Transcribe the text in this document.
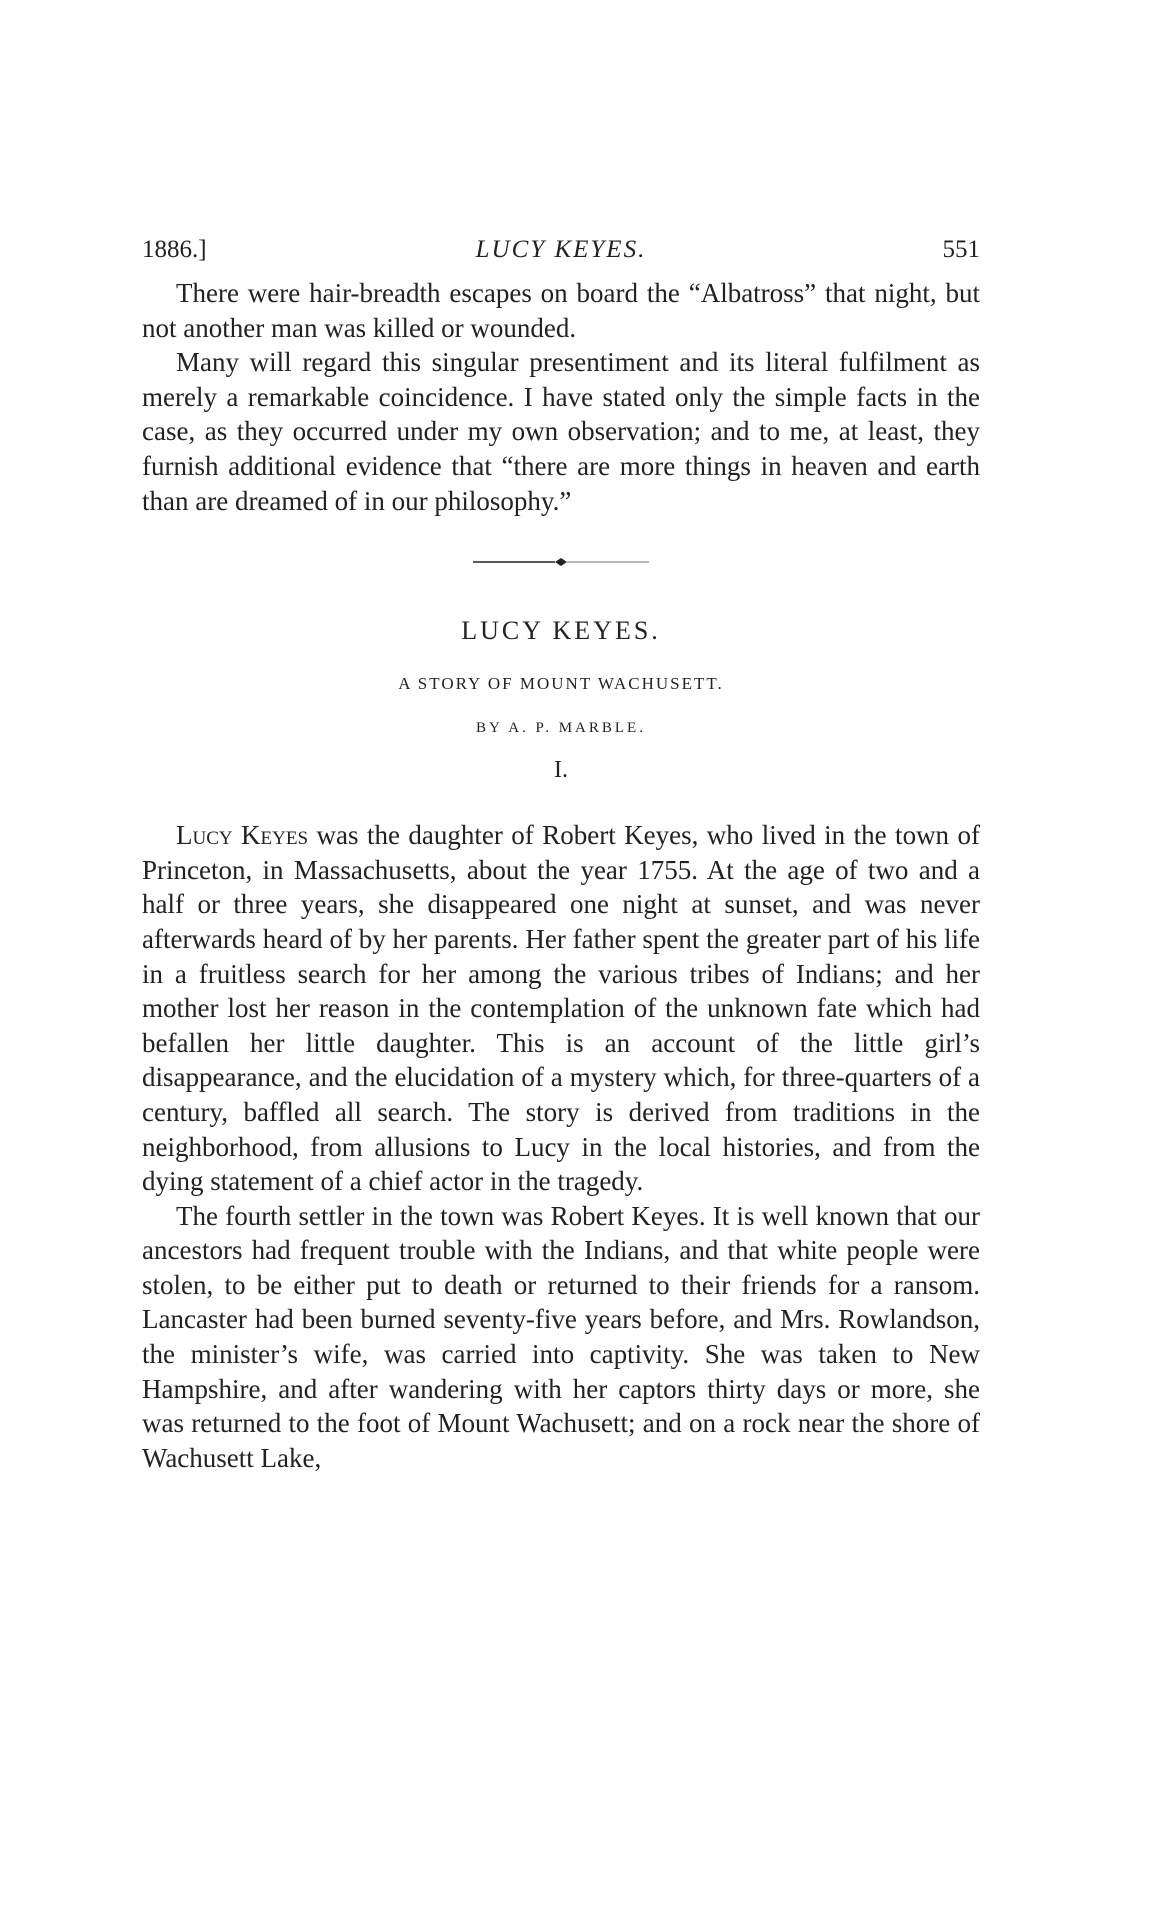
1886.]	LUCY KEYES.	551

There were hair-breadth escapes on board the “Albatross” that night, but not another man was killed or wounded.

Many will regard this singular presentiment and its literal fulfilment as merely a remarkable coincidence. I have stated only the simple facts in the case, as they occurred under my own observation; and to me, at least, they furnish additional evidence that “there are more things in heaven and earth than are dreamed of in our philosophy.”

LUCY KEYES.
A STORY OF MOUNT WACHUSETT.
BY A. P. MARBLE.
I.

Lucy Keyes was the daughter of Robert Keyes, who lived in the town of Princeton, in Massachusetts, about the year 1755. At the age of two and a half or three years, she disappeared one night at sunset, and was never afterwards heard of by her parents. Her father spent the greater part of his life in a fruitless search for her among the various tribes of Indians; and her mother lost her reason in the contemplation of the unknown fate which had befallen her little daughter. This is an account of the little girl’s disappearance, and the elucidation of a mystery which, for three-quarters of a century, baffled all search. The story is derived from traditions in the neighborhood, from allusions to Lucy in the local histories, and from the dying statement of a chief actor in the tragedy.

The fourth settler in the town was Robert Keyes. It is well known that our ancestors had frequent trouble with the Indians, and that white people were stolen, to be either put to death or returned to their friends for a ransom. Lancaster had been burned seventy-five years before, and Mrs. Rowlandson, the minister’s wife, was carried into captivity. She was taken to New Hampshire, and after wandering with her captors thirty days or more, she was returned to the foot of Mount Wachusett; and on a rock near the shore of Wachusett Lake,
